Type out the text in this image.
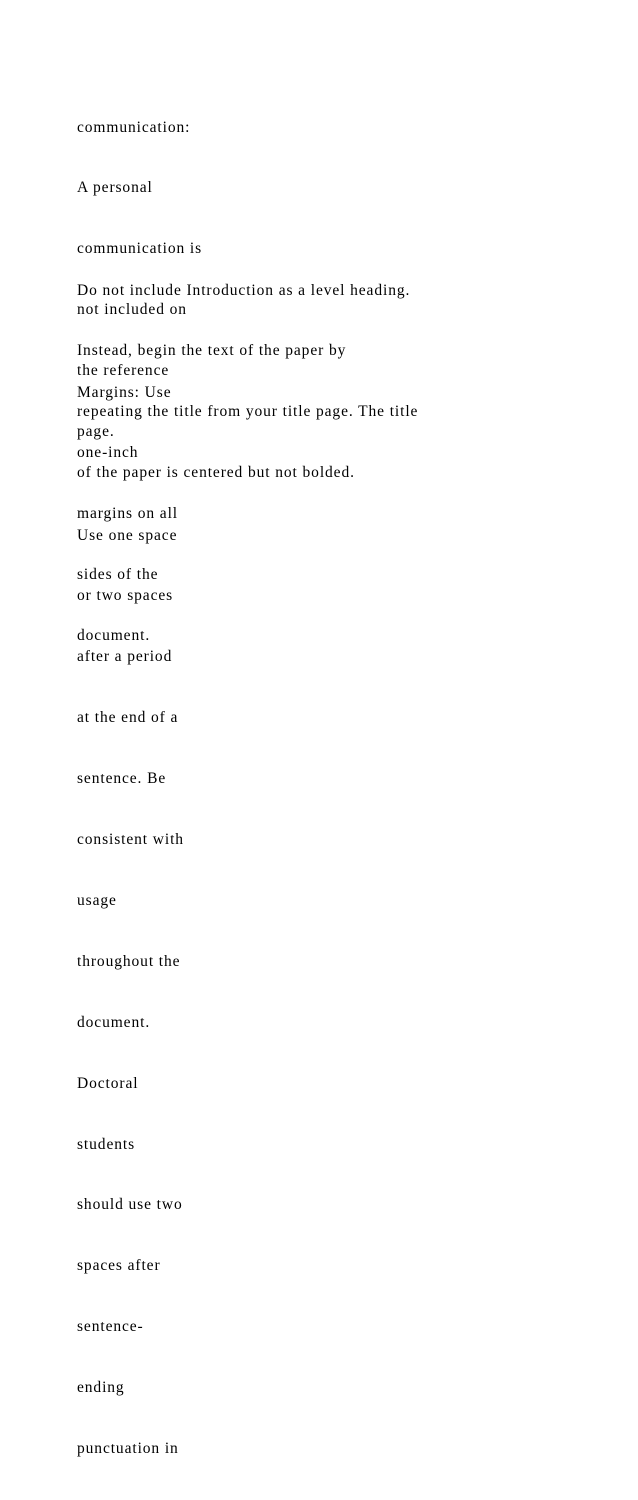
communication:

A personal

communication is

not included on

the reference

page.

Do not include Introduction as a level heading.

Instead, begin the text of the paper by

repeating the title from your title page. The title

of the paper is centered but not bolded.

Margins: Use

one-inch

margins on all

sides of the

document.

Use one space

or two spaces

after a period

at the end of a

sentence. Be

consistent with

usage

throughout the

document.

Doctoral

students

should use two

spaces after

sentence-

ending

punctuation in
